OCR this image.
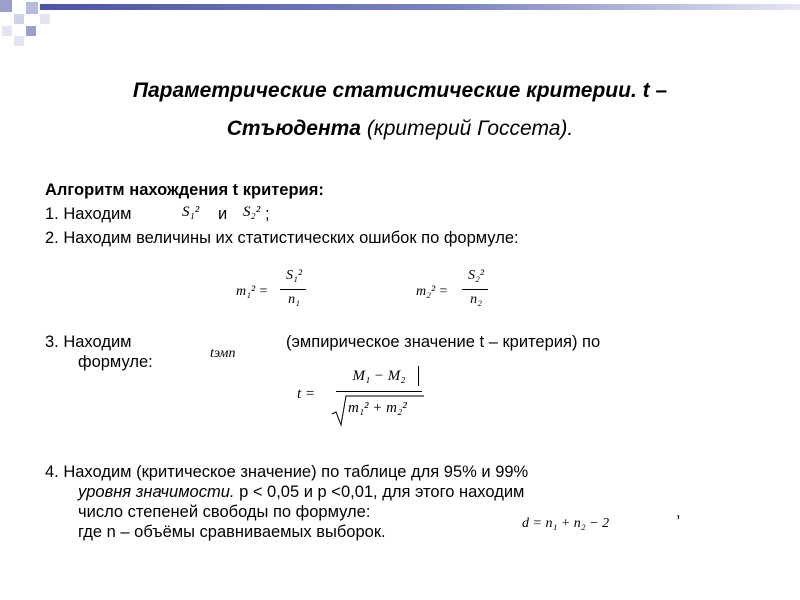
Параметрические статистические критерии. t –
Стъюдента (критерий Госсета).
Алгоритм нахождения t критерия:
1. Находим	S₁² и S₂² ;
2. Находим величины их статистических ошибок по формуле:
m₁² =
S₁²
n₁
m₂² =
S₂²
n₂
3. Находим	(эмпирическое значение t – критерия) по
формуле:	tэмп
t =
M₁ − M₂
m₁² + m₂²
4. Находим (критическое значение) по таблице для 95% и 99%
уровня значимости. p < 0,05 и p <0,01, для этого находим
число степеней свободы по формуле:	,
где n – объёмы сравниваемых выборок.	d = n₁ + n₂ − 2
